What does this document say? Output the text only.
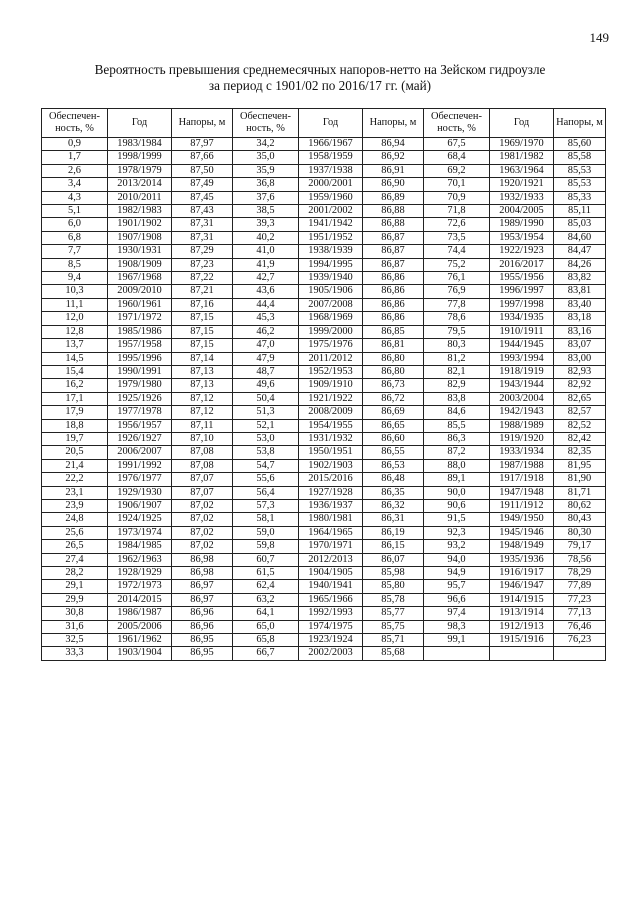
149
Вероятность превышения среднемесячных напоров-нетто на Зейском гидроузле
за период с 1901/02 по 2016/17 гг. (май)
Обеспечен-ность, %	Год	Напоры, м	Обеспечен-ность, %	Год	Напоры, м	Обеспечен-ность, %	Год	Напоры, м
0,9	1983/1984	87,97	34,2	1966/1967	86,94	67,5	1969/1970	85,60
1,7	1998/1999	87,66	35,0	1958/1959	86,92	68,4	1981/1982	85,58
2,6	1978/1979	87,50	35,9	1937/1938	86,91	69,2	1963/1964	85,53
3,4	2013/2014	87,49	36,8	2000/2001	86,90	70,1	1920/1921	85,53
4,3	2010/2011	87,45	37,6	1959/1960	86,89	70,9	1932/1933	85,33
5,1	1982/1983	87,43	38,5	2001/2002	86,88	71,8	2004/2005	85,11
6,0	1901/1902	87,31	39,3	1941/1942	86,88	72,6	1989/1990	85,03
6,8	1907/1908	87,31	40,2	1951/1952	86,87	73,5	1953/1954	84,60
7,7	1930/1931	87,29	41,0	1938/1939	86,87	74,4	1922/1923	84,47
8,5	1908/1909	87,23	41,9	1994/1995	86,87	75,2	2016/2017	84,26
9,4	1967/1968	87,22	42,7	1939/1940	86,86	76,1	1955/1956	83,82
10,3	2009/2010	87,21	43,6	1905/1906	86,86	76,9	1996/1997	83,81
11,1	1960/1961	87,16	44,4	2007/2008	86,86	77,8	1997/1998	83,40
12,0	1971/1972	87,15	45,3	1968/1969	86,86	78,6	1934/1935	83,18
12,8	1985/1986	87,15	46,2	1999/2000	86,85	79,5	1910/1911	83,16
13,7	1957/1958	87,15	47,0	1975/1976	86,81	80,3	1944/1945	83,07
14,5	1995/1996	87,14	47,9	2011/2012	86,80	81,2	1993/1994	83,00
15,4	1990/1991	87,13	48,7	1952/1953	86,80	82,1	1918/1919	82,93
16,2	1979/1980	87,13	49,6	1909/1910	86,73	82,9	1943/1944	82,92
17,1	1925/1926	87,12	50,4	1921/1922	86,72	83,8	2003/2004	82,65
17,9	1977/1978	87,12	51,3	2008/2009	86,69	84,6	1942/1943	82,57
18,8	1956/1957	87,11	52,1	1954/1955	86,65	85,5	1988/1989	82,52
19,7	1926/1927	87,10	53,0	1931/1932	86,60	86,3	1919/1920	82,42
20,5	2006/2007	87,08	53,8	1950/1951	86,55	87,2	1933/1934	82,35
21,4	1991/1992	87,08	54,7	1902/1903	86,53	88,0	1987/1988	81,95
22,2	1976/1977	87,07	55,6	2015/2016	86,48	89,1	1917/1918	81,90
23,1	1929/1930	87,07	56,4	1927/1928	86,35	90,0	1947/1948	81,71
23,9	1906/1907	87,02	57,3	1936/1937	86,32	90,6	1911/1912	80,62
24,8	1924/1925	87,02	58,1	1980/1981	86,31	91,5	1949/1950	80,43
25,6	1973/1974	87,02	59,0	1964/1965	86,19	92,3	1945/1946	80,30
26,5	1984/1985	87,02	59,8	1970/1971	86,15	93,2	1948/1949	79,17
27,4	1962/1963	86,98	60,7	2012/2013	86,07	94,0	1935/1936	78,56
28,2	1928/1929	86,98	61,5	1904/1905	85,98	94,9	1916/1917	78,29
29,1	1972/1973	86,97	62,4	1940/1941	85,80	95,7	1946/1947	77,89
29,9	2014/2015	86,97	63,2	1965/1966	85,78	96,6	1914/1915	77,23
30,8	1986/1987	86,96	64,1	1992/1993	85,77	97,4	1913/1914	77,13
31,6	2005/2006	86,96	65,0	1974/1975	85,75	98,3	1912/1913	76,46
32,5	1961/1962	86,95	65,8	1923/1924	85,71	99,1	1915/1916	76,23
33,3	1903/1904	86,95	66,7	2002/2003	85,68			
